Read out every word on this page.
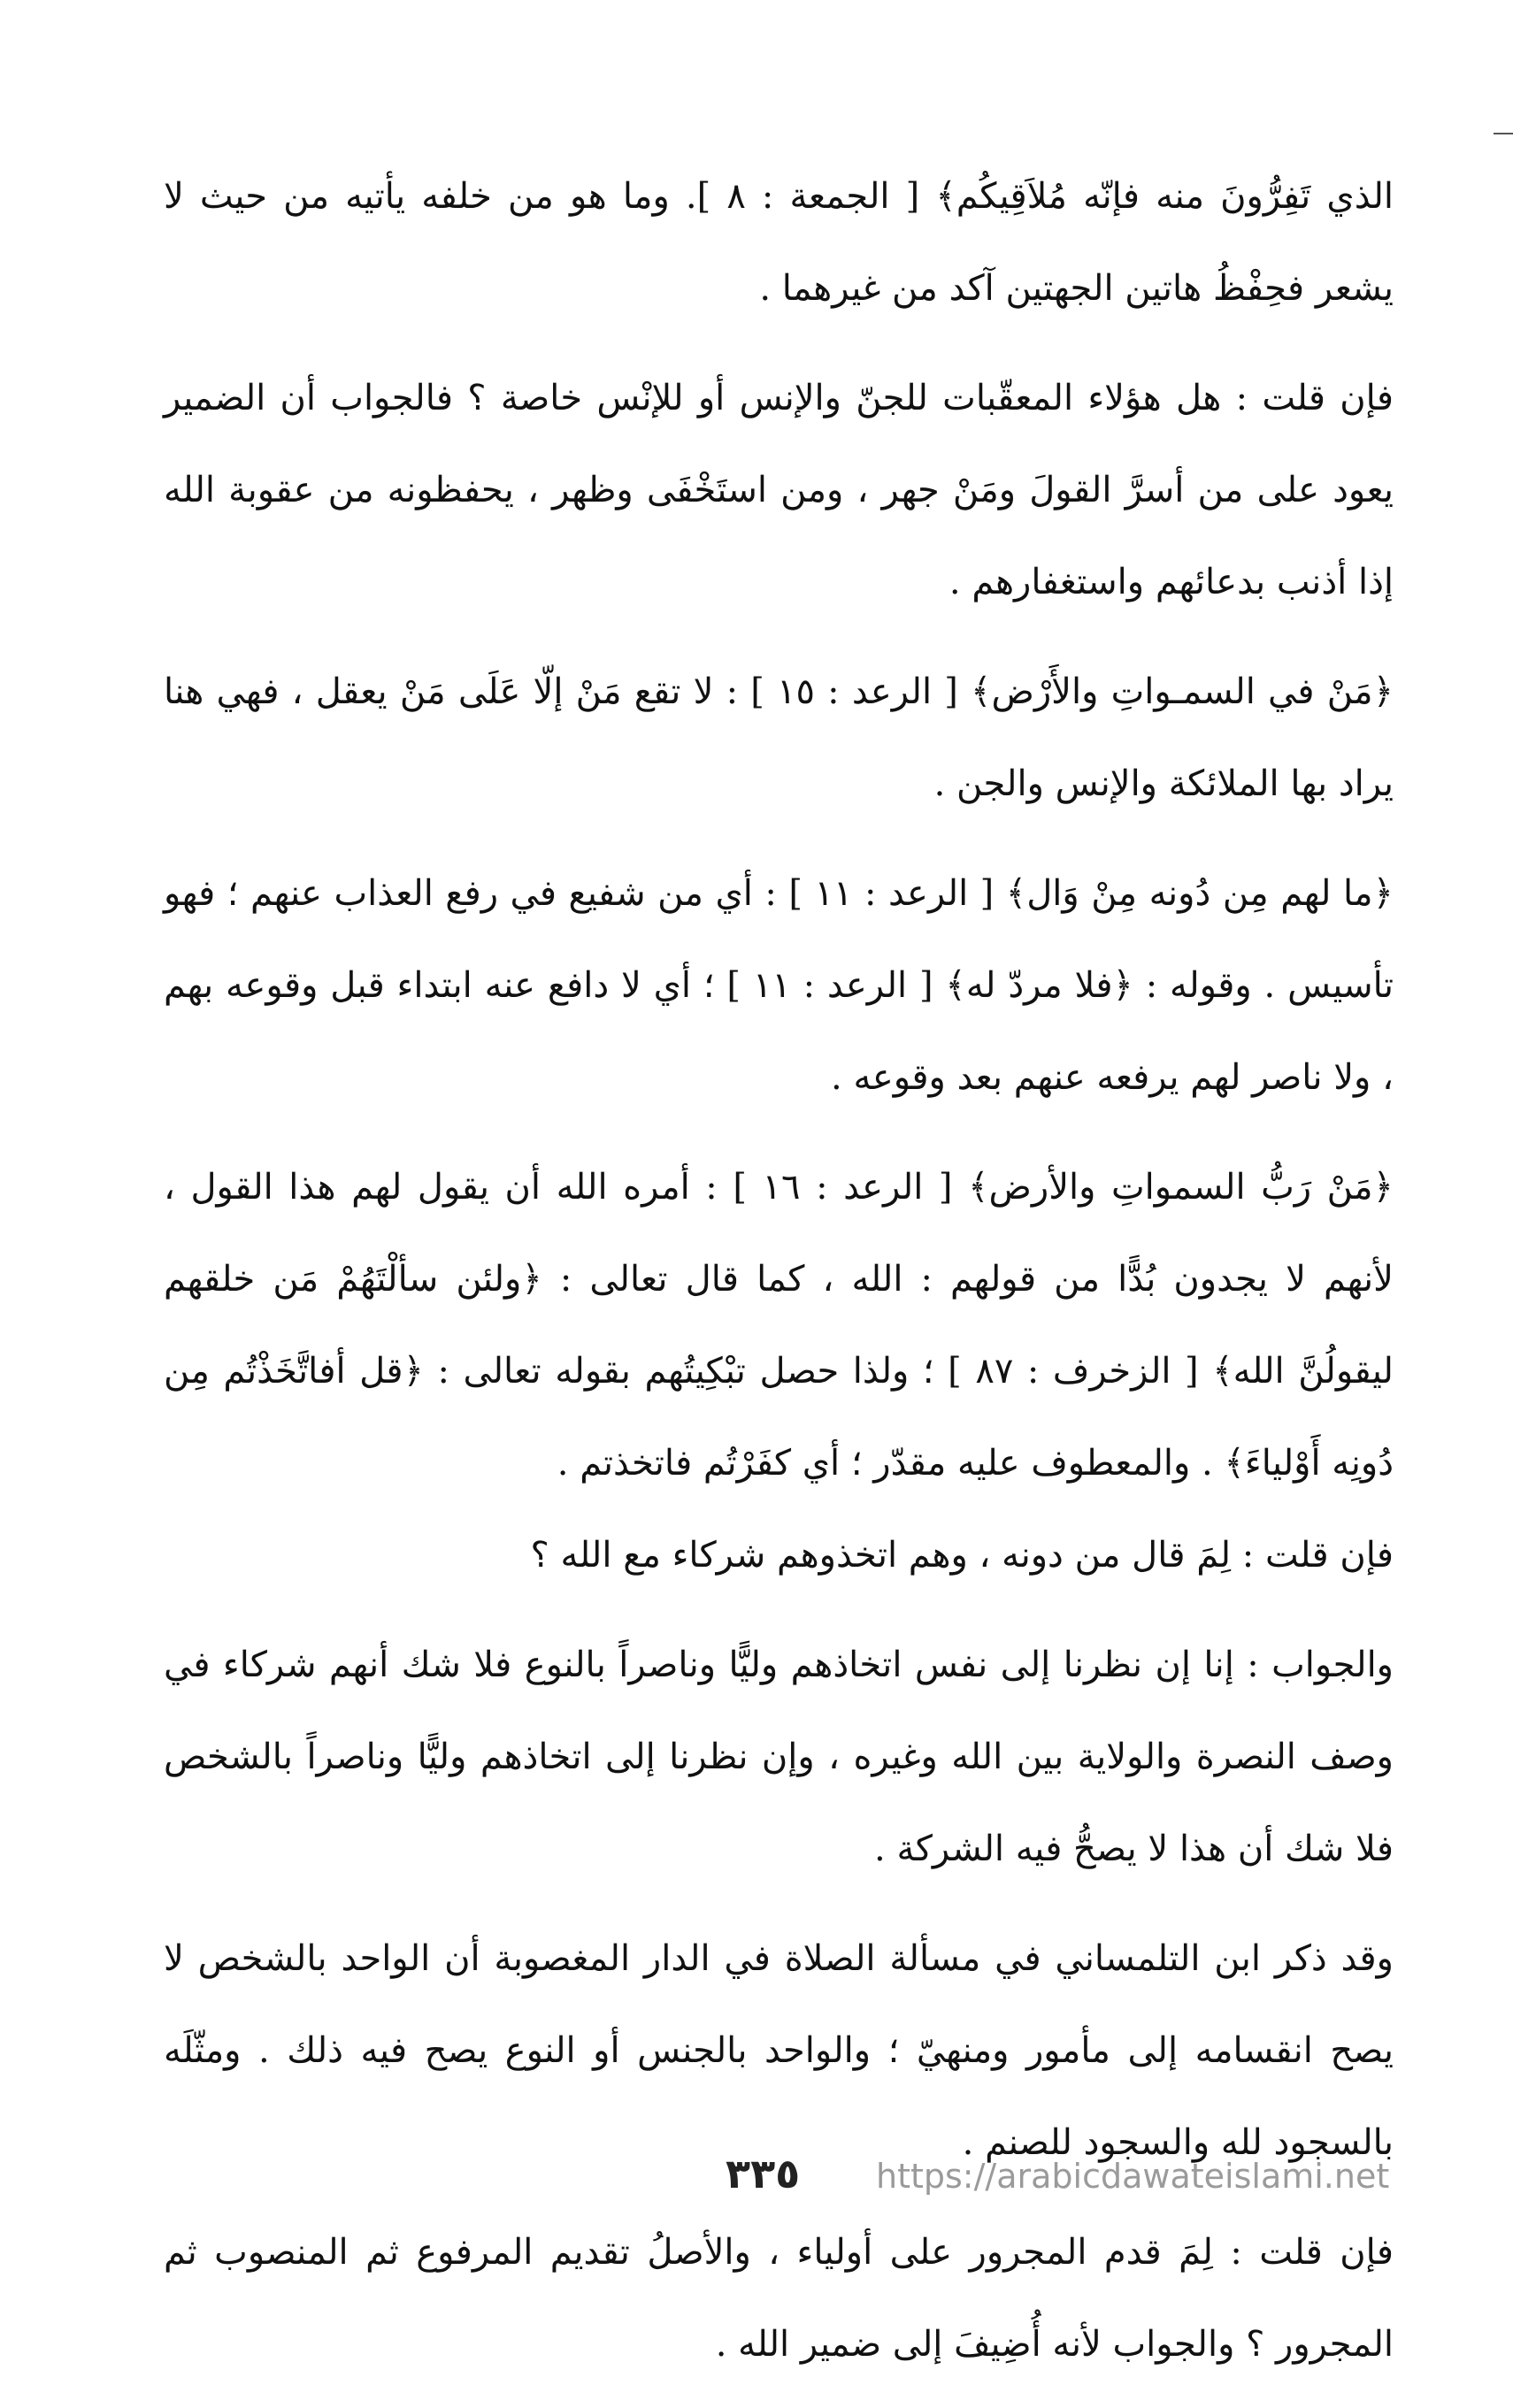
الذي تَفِرُّونَ منه فإنّه مُلاَقِيكُم﴾ [ الجمعة : ٨ ]. وما هو من خلفه يأتيه من حيث لا يشعر فحِفْظُ هاتين الجهتين آكد من غيرهما .

فإن قلت : هل هؤلاء المعقّبات للجنّ والإنس أو للإنْس خاصة ؟ فالجواب أن الضمير يعود على من أسرَّ القولَ ومَنْ جهر ، ومن استَخْفَى وظهر ، يحفظونه من عقوبة الله إذا أذنب بدعائهم واستغفارهم .

﴿مَنْ في السمـواتِ والأَرْض﴾ [ الرعد : ١٥ ] : لا تقع مَنْ إلّا عَلَى مَنْ يعقل ، فهي هنا يراد بها الملائكة والإنس والجن .

﴿ما لهم مِن دُونه مِنْ وَال﴾ [ الرعد : ١١ ] : أي من شفيع في رفع العذاب عنهم ؛ فهو تأسيس . وقوله : ﴿فلا مردّ له﴾ [ الرعد : ١١ ] ؛ أي لا دافع عنه ابتداء قبل وقوعه بهم ، ولا ناصر لهم يرفعه عنهم بعد وقوعه .

﴿مَنْ رَبُّ السمواتِ والأرض﴾ [ الرعد : ١٦ ] : أمره الله أن يقول لهم هذا القول ، لأنهم لا يجدون بُدًّا من قولهم : الله ، كما قال تعالى : ﴿ولئن سألْتَهُمْ مَن خلقهم ليقولُنَّ الله﴾ [ الزخرف : ٨٧ ] ؛ ولذا حصل تبْكِيتُهم بقوله تعالى : ﴿قل أفاتَّخَذْتُم مِن دُونِه أَوْلياءَ﴾ . والمعطوف عليه مقدّر ؛ أي كفَرْتُم فاتخذتم .

فإن قلت : لِمَ قال من دونه ، وهم اتخذوهم شركاء مع الله ؟

والجواب : إنا إن نظرنا إلى نفس اتخاذهم وليًّا وناصراً بالنوع فلا شك أنهم شركاء في وصف النصرة والولاية بين الله وغيره ، وإن نظرنا إلى اتخاذهم وليًّا وناصراً بالشخص فلا شك أن هذا لا يصحُّ فيه الشركة .

وقد ذكر ابن التلمساني في مسألة الصلاة في الدار المغصوبة أن الواحد بالشخص لا يصح انقسامه إلى مأمور ومنهيّ ؛ والواحد بالجنس أو النوع يصح فيه ذلك . ومثّلَه بالسجود لله والسجود للصنم .

فإن قلت : لِمَ قدم المجرور على أولياء ، والأصلُ تقديم المرفوع ثم المنصوب ثم المجرور ؟ والجواب لأنه أُضِيفَ إلى ضمير الله .

٣٣٥ https://arabicdawateislami.net
